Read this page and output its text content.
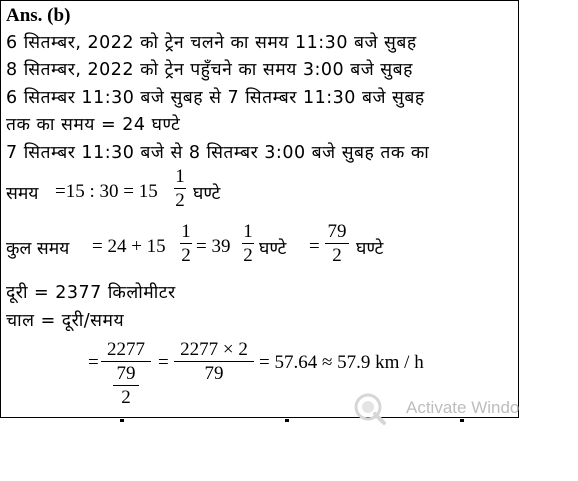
Ans. (b)
6 सितम्बर, 2022 को ट्रेन चलने का समय 11:30 बजे सुबह
8 सितम्बर, 2022 को ट्रेन पहुँचने का समय 3:00 बजे सुबह
6 सितम्बर 11:30 बजे सुबह से 7 सितम्बर 11:30 बजे सुबह
तक का समय = 24 घण्टे
7 सितम्बर 11:30 बजे से 8 सितम्बर 3:00 बजे सुबह तक का
समय =15 : 30 = 15
1
2 घण्टे
कुल समय = 24 + 15
1
2 = 39
1
2 घण्टे =
79
2 घण्टे
दूरी = 2377 किलोमीटर
चाल = दूरी/समय
=
2277
79
2
=
2277 × 2
79
= 57.64 ≈ 57.9 km / h
Activate Windo
